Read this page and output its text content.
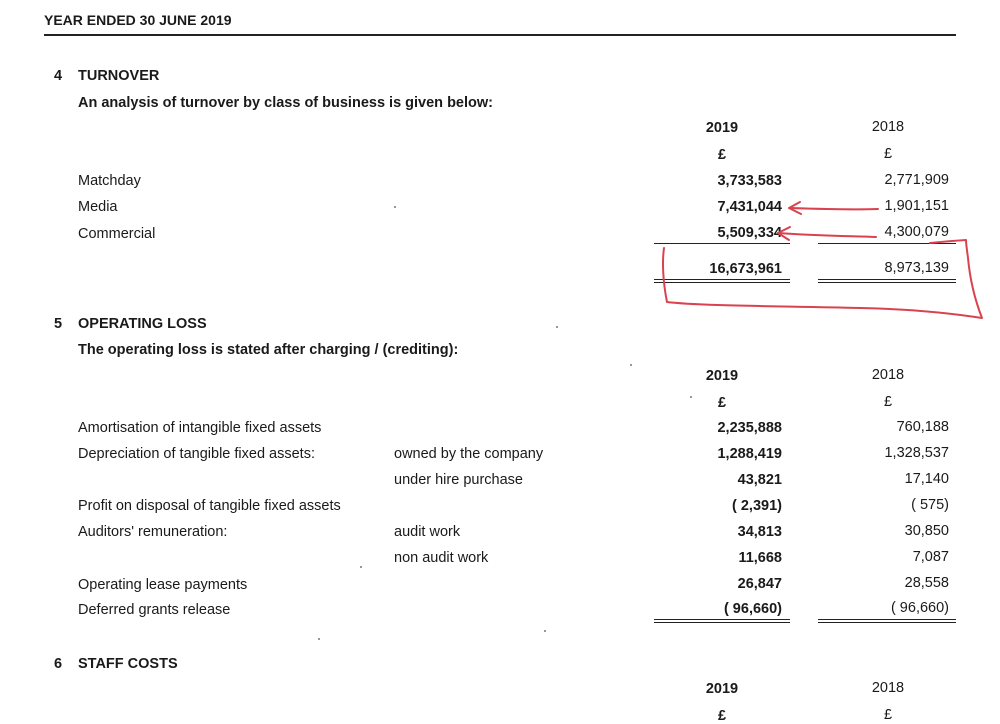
YEAR ENDED 30 JUNE 2019
4 TURNOVER
An analysis of turnover by class of business is given below:
2019	2018
£	£
Matchday	3,733,583	2,771,909
Media	7,431,044	1,901,151
Commercial	5,509,334	4,300,079
16,673,961	8,973,139
5 OPERATING LOSS
The operating loss is stated after charging / (crediting):
2019	2018
£	£
Amortisation of intangible fixed assets	2,235,888	760,188
Depreciation of tangible fixed assets:	owned by the company	1,288,419	1,328,537
under hire purchase	43,821	17,140
Profit on disposal of tangible fixed assets	( 2,391)	( 575)
Auditors' remuneration:	audit work	34,813	30,850
non audit work	11,668	7,087
Operating lease payments	26,847	28,558
Deferred grants release	( 96,660)	( 96,660)
6 STAFF COSTS
2019	2018
£	£
